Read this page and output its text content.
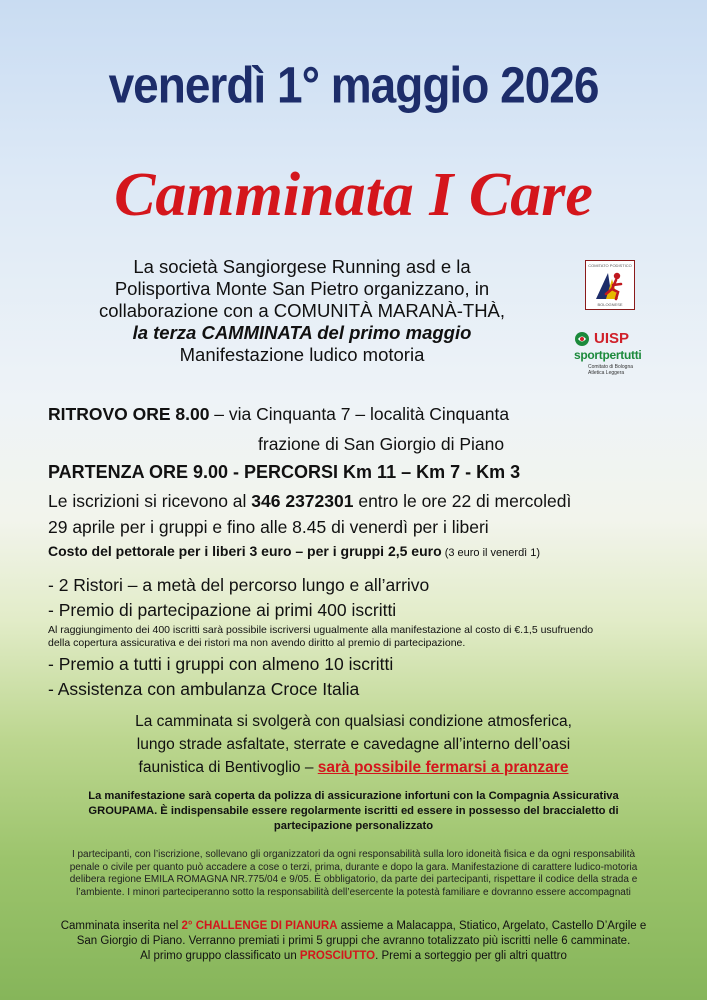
venerdì 1° maggio 2026
Camminata I Care
La società Sangiorgese Running asd e la
Polisportiva Monte San Pietro organizzano, in
collaborazione con a COMUNITÀ MARANÀ-THÀ,
la terza CAMMINATA del primo maggio
Manifestazione ludico motoria
COMITATO PODISTICO
BOLOGNESE
UISP
sportpertutti
Comitato di Bologna
Atletica Leggera
RITROVO ORE 8.00 – via Cinquanta 7 – località Cinquanta
frazione di San Giorgio di Piano
PARTENZA ORE 9.00 - PERCORSI Km 11 – Km 7 - Km 3
Le iscrizioni si ricevono al 346 2372301 entro le ore 22 di mercoledì
29 aprile per i gruppi e fino alle 8.45 di venerdì per i liberi
Costo del pettorale per i liberi 3 euro – per i gruppi 2,5 euro (3 euro il venerdì 1)
- 2 Ristori – a metà del percorso lungo e all’arrivo
- Premio di partecipazione ai primi 400 iscritti
Al raggiungimento dei 400 iscritti sarà possibile iscriversi ugualmente alla manifestazione al costo di €.1,5 usufruendo
della copertura assicurativa e dei ristori ma non avendo diritto al premio di partecipazione.
- Premio a tutti i gruppi con almeno 10 iscritti
- Assistenza con ambulanza Croce Italia
La camminata si svolgerà con qualsiasi condizione atmosferica,
lungo strade asfaltate, sterrate e cavedagne all’interno dell’oasi
faunistica di Bentivoglio – sarà possibile fermarsi a pranzare
La manifestazione sarà coperta da polizza di assicurazione infortuni con la Compagnia Assicurativa
GROUPAMA. È indispensabile essere regolarmente iscritti ed essere in possesso del braccialetto di
partecipazione personalizzato
I partecipanti, con l’iscrizione, sollevano gli organizzatori da ogni responsabilità sulla loro idoneità fisica e da ogni responsabilità
penale o civile per quanto può accadere a cose o terzi, prima, durante e dopo la gara. Manifestazione di carattere ludico-motoria
delibera regione EMILA ROMAGNA NR.775/04 e 9/05. È obbligatorio, da parte dei partecipanti, rispettare il codice della strada e
l’ambiente. I minori parteciperanno sotto la responsabilità dell’esercente la potestà familiare e dovranno essere accompagnati
Camminata inserita nel 2° CHALLENGE DI PIANURA assieme a Malacappa, Stiatico, Argelato, Castello D’Argile e
San Giorgio di Piano. Verranno premiati i primi 5 gruppi che avranno totalizzato più iscritti nelle 6 camminate.
Al primo gruppo classificato un PROSCIUTTO. Premi a sorteggio per gli altri quattro
